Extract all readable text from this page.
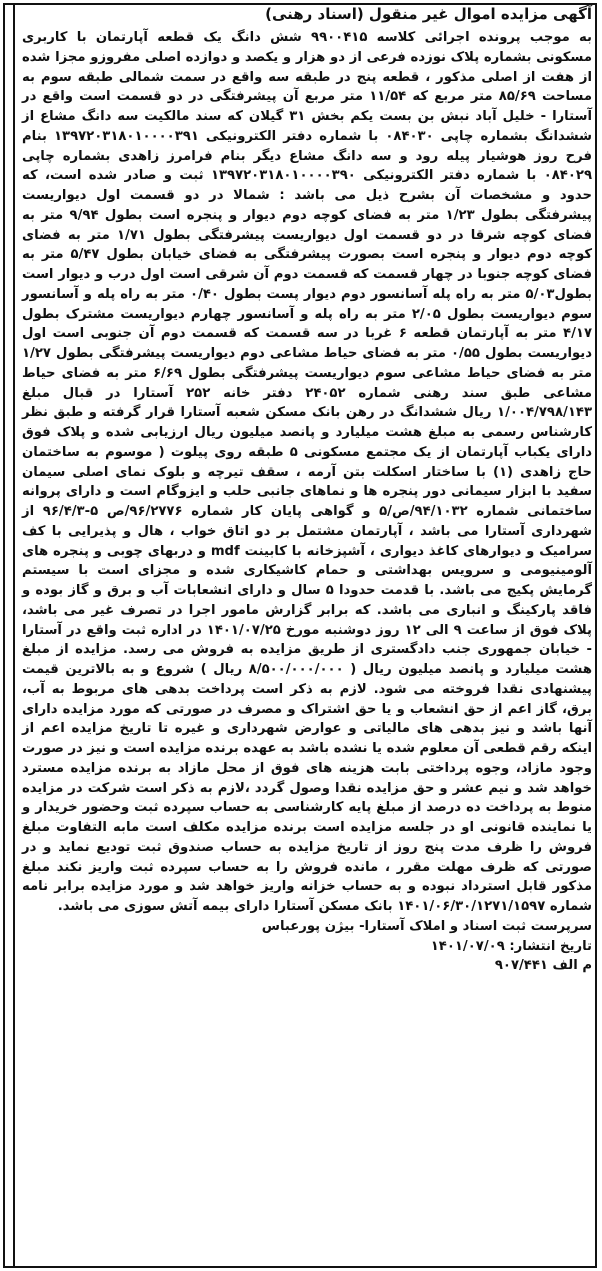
آگهی مزایده اموال غیر منقول (اسناد رهنی)

به موجب پرونده اجرائی کلاسه ۹۹۰۰۴۱۵ شش دانگ یک قطعه آپارتمان با کاربری مسکونی بشماره پلاک نوزده فرعی از دو هزار و یکصد و دوازده اصلی مفروزو مجزا شده از هفت از اصلی مذکور ، قطعه پنج در طبقه سه واقع در سمت شمالی طبقه سوم به مساحت ۸۵/۶۹ متر مربع که ۱۱/۵۴ متر مربع آن پیشرفتگی در دو قسمت است واقع در آستارا - خلیل آباد نبش بن بست یکم بخش ۳۱ گیلان که سند مالکیت سه دانگ مشاع از ششدانگ بشماره چاپی ۰۸۴۰۳۰ با شماره دفتر الکترونیکی ۱۳۹۷۲۰۳۱۸۰۱۰۰۰۰۳۹۱ بنام فرح روز هوشیار پیله رود و سه دانگ مشاع دیگر بنام فرامرز زاهدی بشماره چاپی ۰۸۴۰۲۹ با شماره دفتر الکترونیکی ۱۳۹۷۲۰۳۱۸۰۱۰۰۰۰۳۹۰ ثبت و صادر شده است، که حدود و مشخصات آن بشرح ذیل می باشد : شمالا در دو قسمت اول دیواریست پیشرفتگی بطول ۱/۲۳ متر به فضای کوچه دوم دیوار و پنجره است بطول ۹/۹۴ متر به فضای کوچه شرقا در دو قسمت اول دیواریست پیشرفتگی بطول ۱/۷۱ متر به فضای کوچه دوم دیوار و پنجره است بصورت پیشرفتگی به فضای خیابان بطول ۵/۴۷ متر به فضای کوچه جنوبا در چهار قسمت که قسمت دوم آن شرقی است اول درب و دیوار است بطول۵/۰۳ متر به راه پله آسانسور دوم دیوار پست بطول ۰/۴۰ متر به راه پله و آسانسور سوم دیواریست بطول ۲/۰۵ متر به راه پله و آسانسور چهارم دیواریست مشترک بطول ۴/۱۷ متر به آپارتمان قطعه ۶ غربا در سه قسمت که قسمت دوم آن جنوبی است اول دیواریست بطول ۰/۵۵ متر به فضای حیاط مشاعی دوم دیواریست پیشرفتگی بطول ۱/۲۷ متر به فضای حیاط مشاعی سوم دیواریست پیشرفتگی بطول ۶/۶۹ متر به فضای حیاط مشاعی طبق سند رهنی شماره ۲۴۰۵۲ دفتر خانه ۲۵۲ آستارا در قبال مبلغ ۱/۰۰۴/۷۹۸/۱۴۳ ریال ششدانگ در رهن بانک مسکن شعبه آستارا قرار گرفته و طبق نظر کارشناس رسمی به مبلغ هشت میلیارد و پانصد میلیون ریال ارزیابی شده و پلاک فوق دارای یکباب آپارتمان از یک مجتمع مسکونی ۵ طبقه روی پیلوت ( موسوم به ساختمان حاج زاهدی (۱) با ساختار اسکلت بتن آرمه ، سقف تیرچه و بلوک نمای اصلی سیمان سفید با ابزار سیمانی دور پنجره ها و نماهای جانبی حلب و ایزوگام است و دارای پروانه ساختمانی شماره ۹۴/۱۰۳۲/ص/۵ و گواهی پایان کار شماره ۹۶/۲۷۷۶/ص ۵-۹۶/۴/۳ از شهرداری آستارا می باشد ، آپارتمان مشتمل بر دو اتاق خواب ، هال و پذیرایی با کف سرامیک و دیوارهای کاغذ دیواری ، آشپزخانه با کابینت mdf و دربهای چوبی و پنجره های آلومینیومی و سرویس بهداشتی و حمام کاشیکاری شده و مجزای است با سیستم گرمایش پکیج می باشد. با قدمت حدودا ۵ سال و دارای انشعابات آب و برق و گاز بوده و فاقد پارکینگ و انباری می باشد. که برابر گزارش مامور اجرا در تصرف غیر می باشد، پلاک فوق از ساعت ۹ الی ۱۲ روز دوشنبه مورخ ۱۴۰۱/۰۷/۲۵ در اداره ثبت واقع در آستارا - خیابان جمهوری جنب دادگستری از طریق مزایده به فروش می رسد. مزایده از مبلغ هشت میلیارد و پانصد میلیون ریال ( ۸/۵۰۰/۰۰۰/۰۰۰ ریال ) شروع و به بالاترین قیمت پیشنهادی نقدا فروخته می شود. لازم به ذکر است پرداخت بدهی های مربوط به آب، برق، گاز اعم از حق انشعاب و یا حق اشتراک و مصرف در صورتی که مورد مزایده دارای آنها باشد و نیز بدهی های مالیاتی و عوارض شهرداری و غیره تا تاریخ مزایده اعم از اینکه رقم قطعی آن معلوم شده یا نشده باشد به عهده برنده مزایده است و نیز در صورت وجود مازاد، وجوه پرداختی بابت هزینه های فوق از محل مازاد به برنده مزایده مسترد خواهد شد و نیم عشر و حق مزایده نقدا وصول گردد ،لازم به ذکر است شرکت در مزایده منوط به پرداخت ده درصد از مبلغ پایه کارشناسی به حساب سپرده ثبت وحضور خریدار و یا نماینده قانونی او در جلسه مزایده است برنده مزایده مکلف است مابه التفاوت مبلغ فروش را ظرف مدت پنج روز از تاریخ مزایده به حساب صندوق ثبت تودیع نماید و در صورتی که ظرف مهلت مقرر ، مانده فروش را به حساب سپرده ثبت واریز نکند مبلغ مذکور قابل استرداد نبوده و به حساب خزانه واریز خواهد شد و مورد مزایده برابر نامه شماره ۱۴۰۱/۰۶/۳۰/۱۲۷۱/۱۵۹۷ بانک مسکن آستارا دارای بیمه آتش سوزی می باشد.

سرپرست ثبت اسناد و املاک آستارا- بیژن پورعباس

تاریخ انتشار: ۱۴۰۱/۰۷/۰۹

م الف ۹۰۷/۴۴۱
